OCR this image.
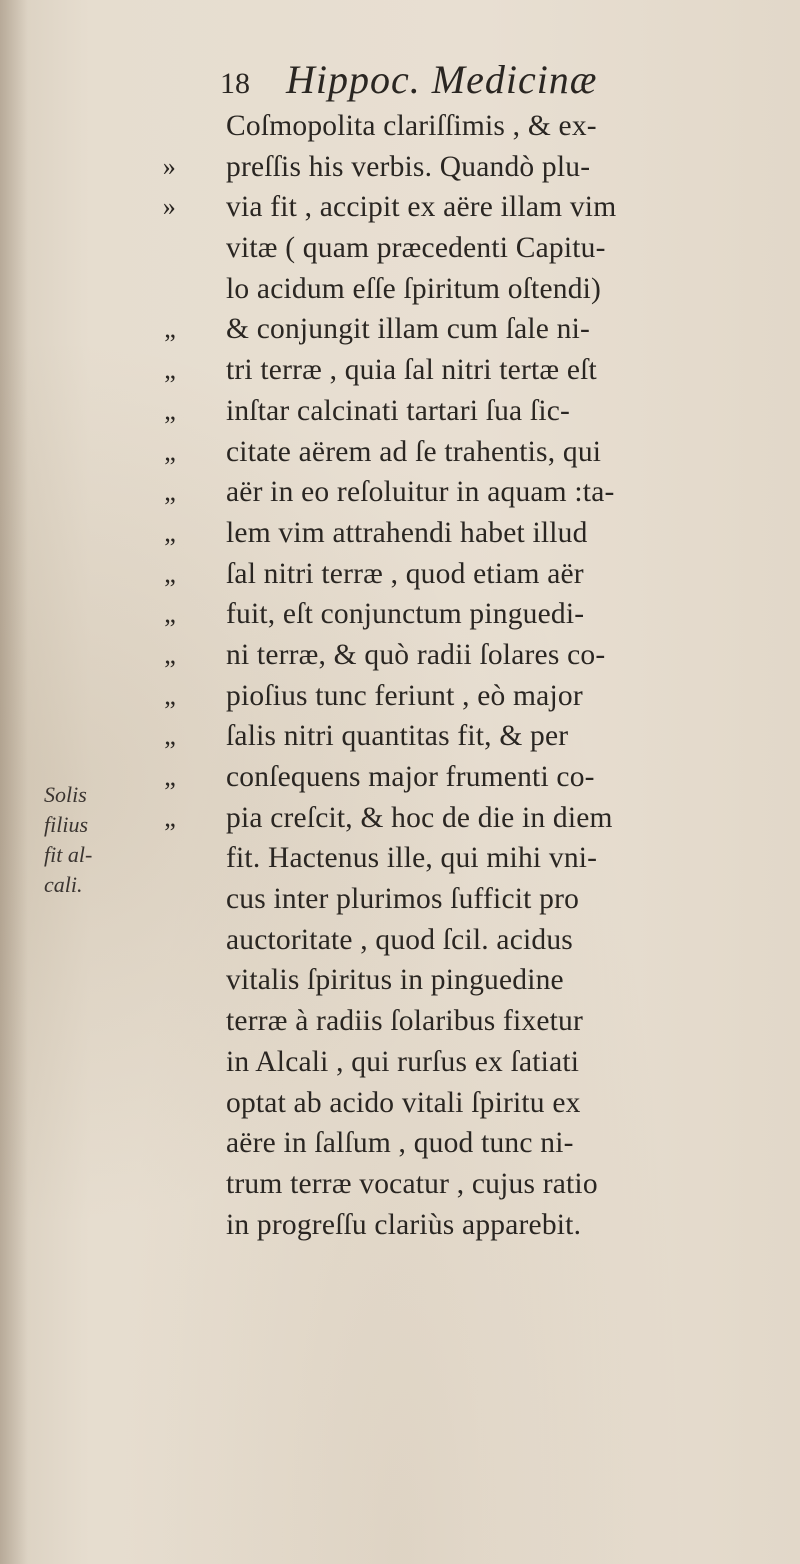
18 Hippoc. Medicinæ
Solis
filius
fit al-
cali.
Coſmopolita clariſſimis , & ex-
» preſſis his verbis. Quandò plu-
» via fit , accipit ex aëre illam vim
vitæ ( quam præcedenti Capitu-
lo acidum eſſe ſpiritum oſtendi)
„ & conjungit illam cum ſale ni-
„ tri terræ , quia ſal nitri tertæ eſt
„ inſtar calcinati tartari ſua ſic-
„ citate aërem ad ſe trahentis, qui
„ aër in eo reſoluitur in aquam :ta-
„ lem vim attrahendi habet illud
„ ſal nitri terræ , quod etiam aër
„ fuit, eſt conjunctum pinguedi-
„ ni terræ, & quò radii ſolares co-
„ pioſius tunc feriunt , eò major
„ ſalis nitri quantitas fit, & per
„ conſequens major frumenti co-
„ pia creſcit, & hoc de die in diem
fit. Hactenus ille, qui mihi vni-
cus inter plurimos ſufficit pro
auctoritate , quod ſcil. acidus
vitalis ſpiritus in pinguedine
terræ à radiis ſolaribus fixetur
in Alcali , qui rurſus ex ſatiati
optat ab acido vitali ſpiritu ex
aëre in ſalſum , quod tunc ni-
trum terræ vocatur , cujus ratio
in progreſſu clariùs apparebit.
